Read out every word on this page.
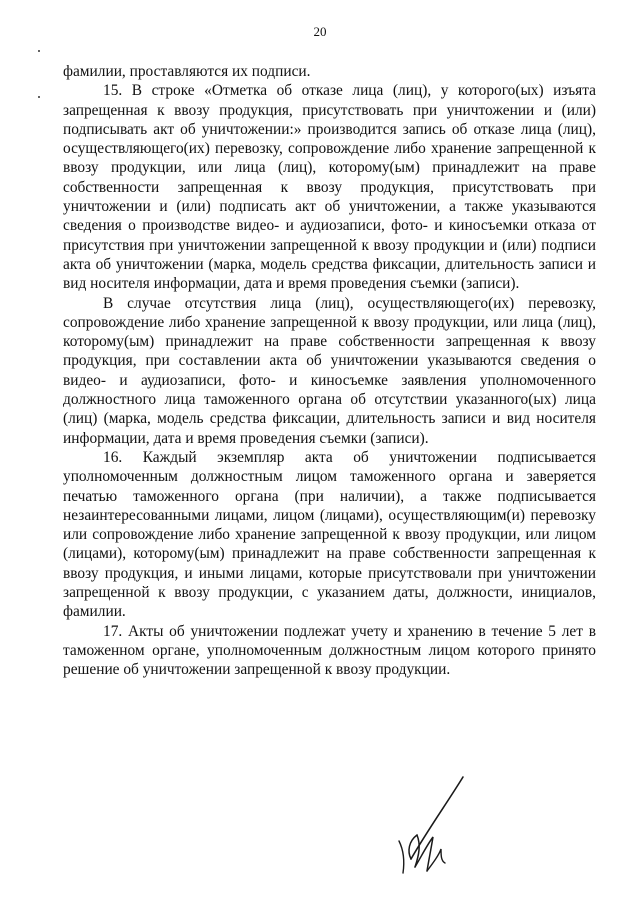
20

фамилии, проставляются их подписи.

15. В строке «Отметка об отказе лица (лиц), у которого(ых) изъята запрещенная к ввозу продукция, присутствовать при уничтожении и (или) подписывать акт об уничтожении:» производится запись об отказе лица (лиц), осуществляющего(их) перевозку, сопровождение либо хранение запрещенной к ввозу продукции, или лица (лиц), которому(ым) принадлежит на праве собственности запрещенная к ввозу продукция, присутствовать при уничтожении и (или) подписать акт об уничтожении, а также указываются сведения о производстве видео- и аудиозаписи, фото- и киносъемки отказа от присутствия при уничтожении запрещенной к ввозу продукции и (или) подписи акта об уничтожении (марка, модель средства фиксации, длительность записи и вид носителя информации, дата и время проведения съемки (записи).

В случае отсутствия лица (лиц), осуществляющего(их) перевозку, сопровождение либо хранение запрещенной к ввозу продукции, или лица (лиц), которому(ым) принадлежит на праве собственности запрещенная к ввозу продукция, при составлении акта об уничтожении указываются сведения о видео- и аудиозаписи, фото- и киносъемке заявления уполномоченного должностного лица таможенного органа об отсутствии указанного(ых) лица (лиц) (марка, модель средства фиксации, длительность записи и вид носителя информации, дата и время проведения съемки (записи).

16. Каждый экземпляр акта об уничтожении подписывается уполномоченным должностным лицом таможенного органа и заверяется печатью таможенного органа (при наличии), а также подписывается незаинтересованными лицами, лицом (лицами), осуществляющим(и) перевозку или сопровождение либо хранение запрещенной к ввозу продукции, или лицом (лицами), которому(ым) принадлежит на праве собственности запрещенная к ввозу продукция, и иными лицами, которые присутствовали при уничтожении запрещенной к ввозу продукции, с указанием даты, должности, инициалов, фамилии.

17. Акты об уничтожении подлежат учету и хранению в течение 5 лет в таможенном органе, уполномоченным должностным лицом которого принято решение об уничтожении запрещенной к ввозу продукции.
